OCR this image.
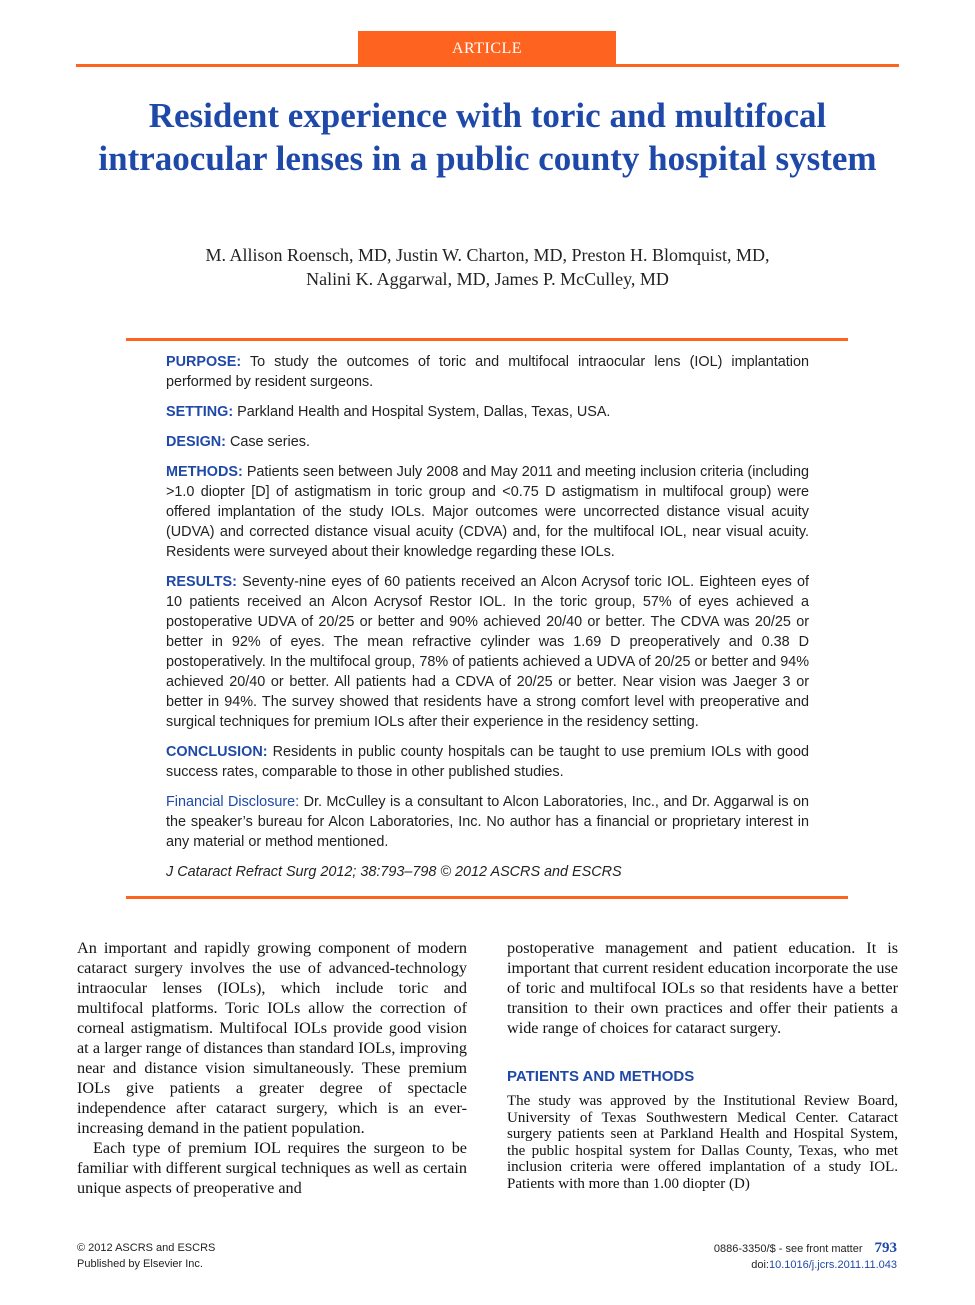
ARTICLE
Resident experience with toric and multifocal intraocular lenses in a public county hospital system
M. Allison Roensch, MD, Justin W. Charton, MD, Preston H. Blomquist, MD,
Nalini K. Aggarwal, MD, James P. McCulley, MD

PURPOSE: To study the outcomes of toric and multifocal intraocular lens (IOL) implantation performed by resident surgeons.

SETTING: Parkland Health and Hospital System, Dallas, Texas, USA.

DESIGN: Case series.

METHODS: Patients seen between July 2008 and May 2011 and meeting inclusion criteria (including >1.0 diopter [D] of astigmatism in toric group and <0.75 D astigmatism in multifocal group) were offered implantation of the study IOLs. Major outcomes were uncorrected distance visual acuity (UDVA) and corrected distance visual acuity (CDVA) and, for the multifocal IOL, near visual acuity. Residents were surveyed about their knowledge regarding these IOLs.

RESULTS: Seventy-nine eyes of 60 patients received an Alcon Acrysof toric IOL. Eighteen eyes of 10 patients received an Alcon Acrysof Restor IOL. In the toric group, 57% of eyes achieved a postoperative UDVA of 20/25 or better and 90% achieved 20/40 or better. The CDVA was 20/25 or better in 92% of eyes. The mean refractive cylinder was 1.69 D preoperatively and 0.38 D postoperatively. In the multifocal group, 78% of patients achieved a UDVA of 20/25 or better and 94% achieved 20/40 or better. All patients had a CDVA of 20/25 or better. Near vision was Jaeger 3 or better in 94%. The survey showed that residents have a strong comfort level with preoperative and surgical techniques for premium IOLs after their experience in the residency setting.

CONCLUSION: Residents in public county hospitals can be taught to use premium IOLs with good success rates, comparable to those in other published studies.

Financial Disclosure: Dr. McCulley is a consultant to Alcon Laboratories, Inc., and Dr. Aggarwal is on the speaker’s bureau for Alcon Laboratories, Inc. No author has a financial or proprietary interest in any material or method mentioned.

J Cataract Refract Surg 2012; 38:793–798 © 2012 ASCRS and ESCRS

An important and rapidly growing component of modern cataract surgery involves the use of advanced-technology intraocular lenses (IOLs), which include toric and multifocal platforms. Toric IOLs allow the correction of corneal astigmatism. Multifocal IOLs provide good vision at a larger range of distances than standard IOLs, improving near and distance vision simultaneously. These premium IOLs give patients a greater degree of spectacle independence after cataract surgery, which is an ever-increasing demand in the patient population.

Each type of premium IOL requires the surgeon to be familiar with different surgical techniques as well as certain unique aspects of preoperative and

postoperative management and patient education. It is important that current resident education incorporate the use of toric and multifocal IOLs so that residents have a better transition to their own practices and offer their patients a wide range of choices for cataract surgery.

PATIENTS AND METHODS

The study was approved by the Institutional Review Board, University of Texas Southwestern Medical Center. Cataract surgery patients seen at Parkland Health and Hospital System, the public hospital system for Dallas County, Texas, who met inclusion criteria were offered implantation of a study IOL. Patients with more than 1.00 diopter (D)

© 2012 ASCRS and ESCRS
Published by Elsevier Inc.
0886-3350/$ - see front matter 793
doi:10.1016/j.jcrs.2011.11.043
